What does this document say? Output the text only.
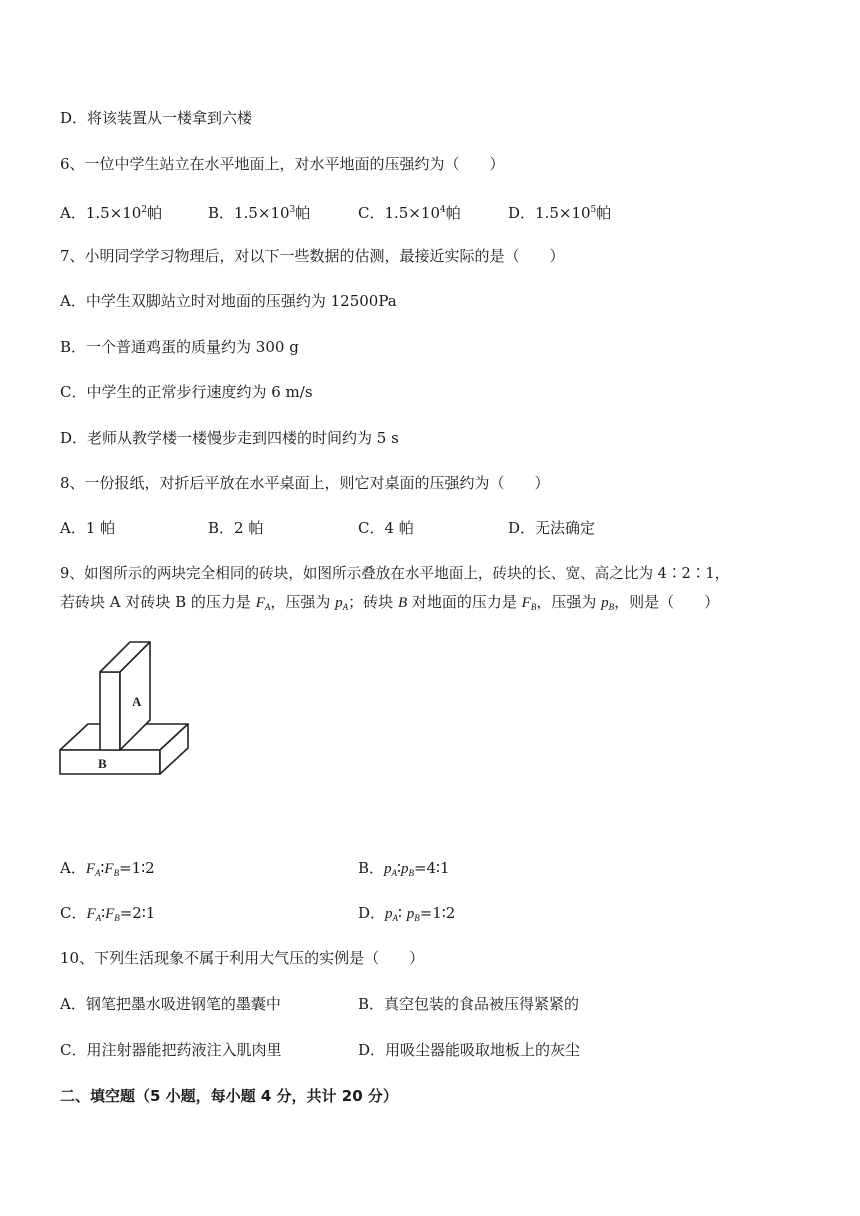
D．将该装置从一楼拿到六楼
6、一位中学生站立在水平地面上，对水平地面的压强约为（　　）
A．$1.5\times 10^2$帕	B．$1.5\times 10^3$帕	C．$1.5\times 10^4$帕	D．$1.5\times 10^5$帕
7、小明同学学习物理后，对以下一些数据的估测，最接近实际的是（　　）
A．中学生双脚站立时对地面的压强约为 12500Pa
B．一个普通鸡蛋的质量约为 300 g
C．中学生的正常步行速度约为 6 m/s
D．老师从教学楼一楼慢步走到四楼的时间约为 5 s
8、一份报纸，对折后平放在水平桌面上，则它对桌面的压强约为（　　）
A．1 帕	B．2 帕	C．4 帕	D．无法确定
9、如图所示的两块完全相同的砖块，如图所示叠放在水平地面上，砖块的长、宽、高之比为 4∶2∶1，
若砖块 A 对砖块 B 的压力是 $F_A$，压强为 $p_A$；砖块 B 对地面的压力是 $F_B$，压强为 $p_B$，则是（　　）
A
B
A．$F_A∶F_B=1∶2$	B．$p_A∶p_B=4∶1$
C．$F_A∶F_B=2∶1$	D．$p_A∶$ $p_B=1∶2$
10、下列生活现象不属于利用大气压的实例是（　　）
A．钢笔把墨水吸进钢笔的墨囊中	B．真空包装的食品被压得紧紧的
C．用注射器能把药液注入肌肉里	D．用吸尘器能吸取地板上的灰尘
二、填空题（5 小题，每小题 4 分，共计 20 分）
